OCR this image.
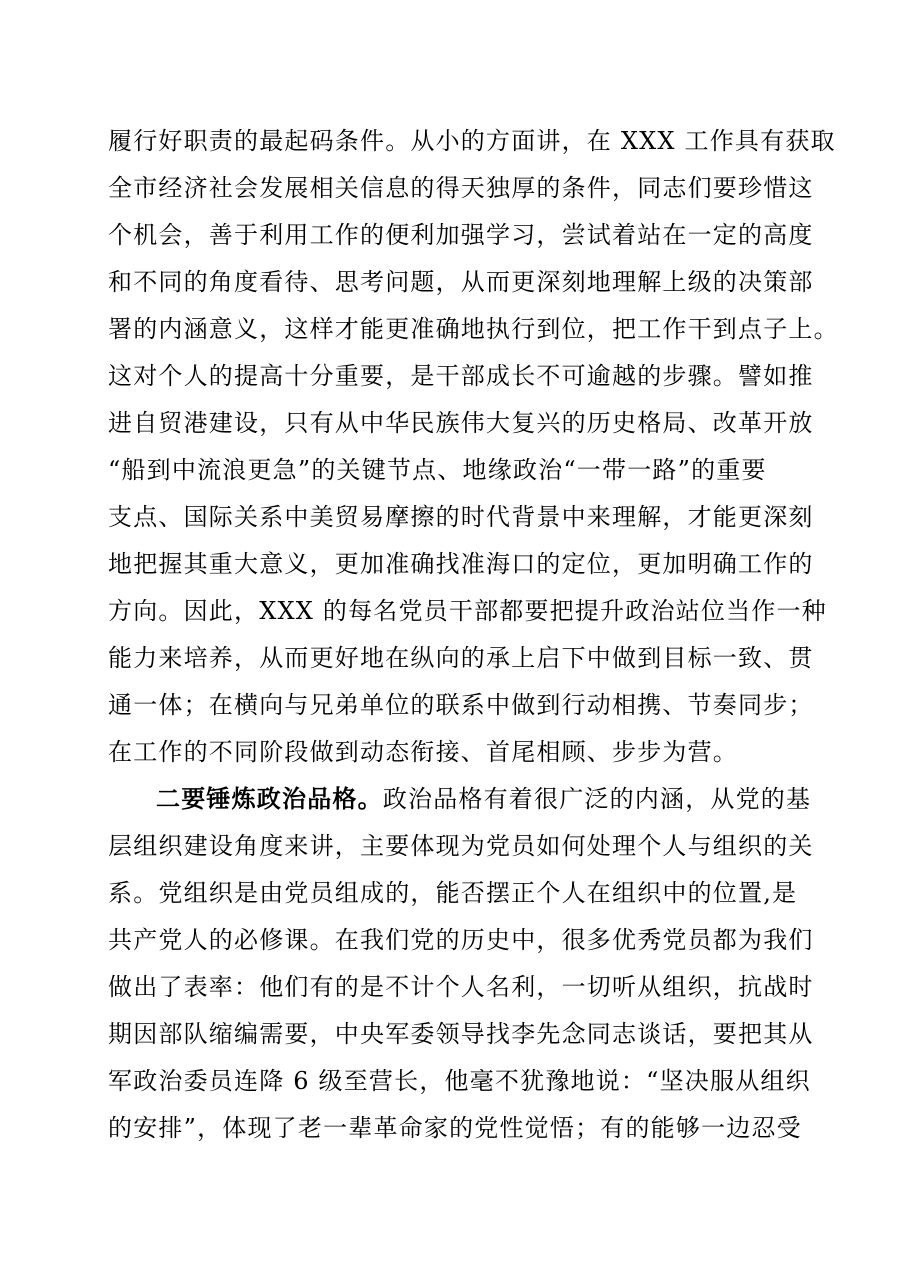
履行好职责的最起码条件。从小的方面讲，在 XXX 工作具有获取
全市经济社会发展相关信息的得天独厚的条件，同志们要珍惜这
个机会，善于利用工作的便利加强学习，尝试着站在一定的高度
和不同的角度看待、思考问题，从而更深刻地理解上级的决策部
署的内涵意义，这样才能更准确地执行到位，把工作干到点子上。
这对个人的提高十分重要，是干部成长不可逾越的步骤。譬如推
进自贸港建设，只有从中华民族伟大复兴的历史格局、改革开放
“船到中流浪更急”的关键节点、地缘政治“一带一路”的重要
支点、国际关系中美贸易摩擦的时代背景中来理解，才能更深刻
地把握其重大意义，更加准确找准海口的定位，更加明确工作的
方向。因此，XXX 的每名党员干部都要把提升政治站位当作一种
能力来培养，从而更好地在纵向的承上启下中做到目标一致、贯
通一体；在横向与兄弟单位的联系中做到行动相携、节奏同步；
在工作的不同阶段做到动态衔接、首尾相顾、步步为营。
二要锤炼政治品格。政治品格有着很广泛的内涵，从党的基
层组织建设角度来讲，主要体现为党员如何处理个人与组织的关
系。党组织是由党员组成的，能否摆正个人在组织中的位置,是
共产党人的必修课。在我们党的历史中，很多优秀党员都为我们
做出了表率：他们有的是不计个人名利，一切听从组织，抗战时
期因部队缩编需要，中央军委领导找李先念同志谈话，要把其从
军政治委员连降 6 级至营长，他毫不犹豫地说：“坚决服从组织
的安排”，体现了老一辈革命家的党性觉悟；有的能够一边忍受
